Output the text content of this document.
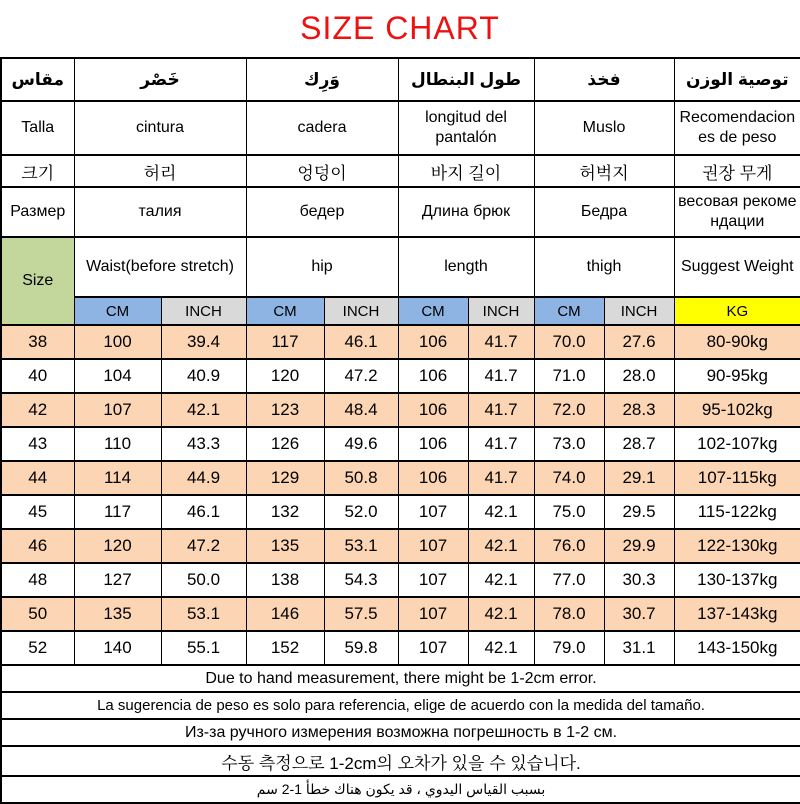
SIZE CHART
مقاس	خَصْر		وَرِك		طول البنطال		فخذ		توصية الوزن
Talla	cintura		cadera		longitud del pantalón		Muslo		Recomendaciones de peso
크기	허리		엉덩이		바지 길이		허벅지		권장 무게
Размер	талия		бедер		Длина брюк		Бедра		весовая рекомендации
Size	Waist(before stretch)		hip		length		thigh		Suggest Weight
	CM	INCH	CM	INCH	CM	INCH	CM	INCH	KG
38	100	39.4	117	46.1	106	41.7	70.0	27.6	80-90kg
40	104	40.9	120	47.2	106	41.7	71.0	28.0	90-95kg
42	107	42.1	123	48.4	106	41.7	72.0	28.3	95-102kg
43	110	43.3	126	49.6	106	41.7	73.0	28.7	102-107kg
44	114	44.9	129	50.8	106	41.7	74.0	29.1	107-115kg
45	117	46.1	132	52.0	107	42.1	75.0	29.5	115-122kg
46	120	47.2	135	53.1	107	42.1	76.0	29.9	122-130kg
48	127	50.0	138	54.3	107	42.1	77.0	30.3	130-137kg
50	135	53.1	146	57.5	107	42.1	78.0	30.7	137-143kg
52	140	55.1	152	59.8	107	42.1	79.0	31.1	143-150kg
Due to hand measurement, there might be 1-2cm error.									
La sugerencia de peso es solo para referencia, elige de acuerdo con la medida del tamaño.									
Из-за ручного измерения возможна погрешность в 1-2 см.									
수동 측정으로 1-2cm의 오차가 있을 수 있습니다.									
بسبب القياس اليدوي ، قد يكون هناك خطأ 1-2 سم									
